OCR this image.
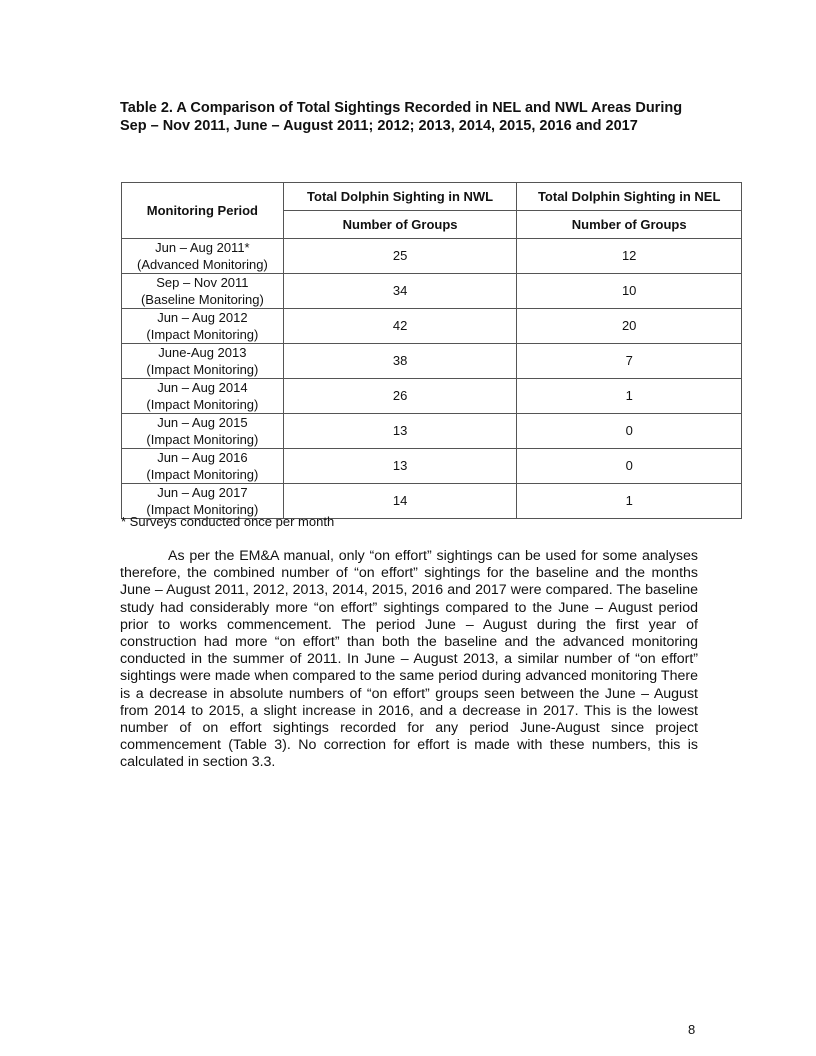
Table 2. A Comparison of Total Sightings Recorded in NEL and NWL Areas During Sep – Nov 2011, June – August 2011; 2012; 2013, 2014, 2015, 2016 and 2017
Monitoring Period	Total Dolphin Sighting in NWL	Total Dolphin Sighting in NEL
	Number of Groups	Number of Groups

Jun – Aug 2011*
(Advanced Monitoring)	25	12

Sep – Nov 2011
(Baseline Monitoring)	34	10

Jun – Aug 2012
(Impact Monitoring)	42	20

June-Aug 2013
(Impact Monitoring)	38	7

Jun – Aug 2014
(Impact Monitoring)	26	1

Jun – Aug 2015
(Impact Monitoring)	13	0

Jun – Aug 2016
(Impact Monitoring)	13	0

Jun – Aug 2017
(Impact Monitoring)	14	1
* Surveys conducted once per month

As per the EM&A manual, only “on effort” sightings can be used for some analyses therefore, the combined number of “on effort” sightings for the baseline and the months June – August 2011, 2012, 2013, 2014, 2015, 2016 and 2017 were compared. The baseline study had considerably more “on effort” sightings compared to the June – August period prior to works commencement. The period June – August during the first year of construction had more “on effort” than both the baseline and the advanced monitoring conducted in the summer of 2011. In June – August 2013, a similar number of “on effort” sightings were made when compared to the same period during advanced monitoring There is a decrease in absolute numbers of “on effort” groups seen between the June – August from 2014 to 2015, a slight increase in 2016, and a decrease in 2017. This is the lowest number of on effort sightings recorded for any period June-August since project commencement (Table 3). No correction for effort is made with these numbers, this is calculated in section 3.3.

8
